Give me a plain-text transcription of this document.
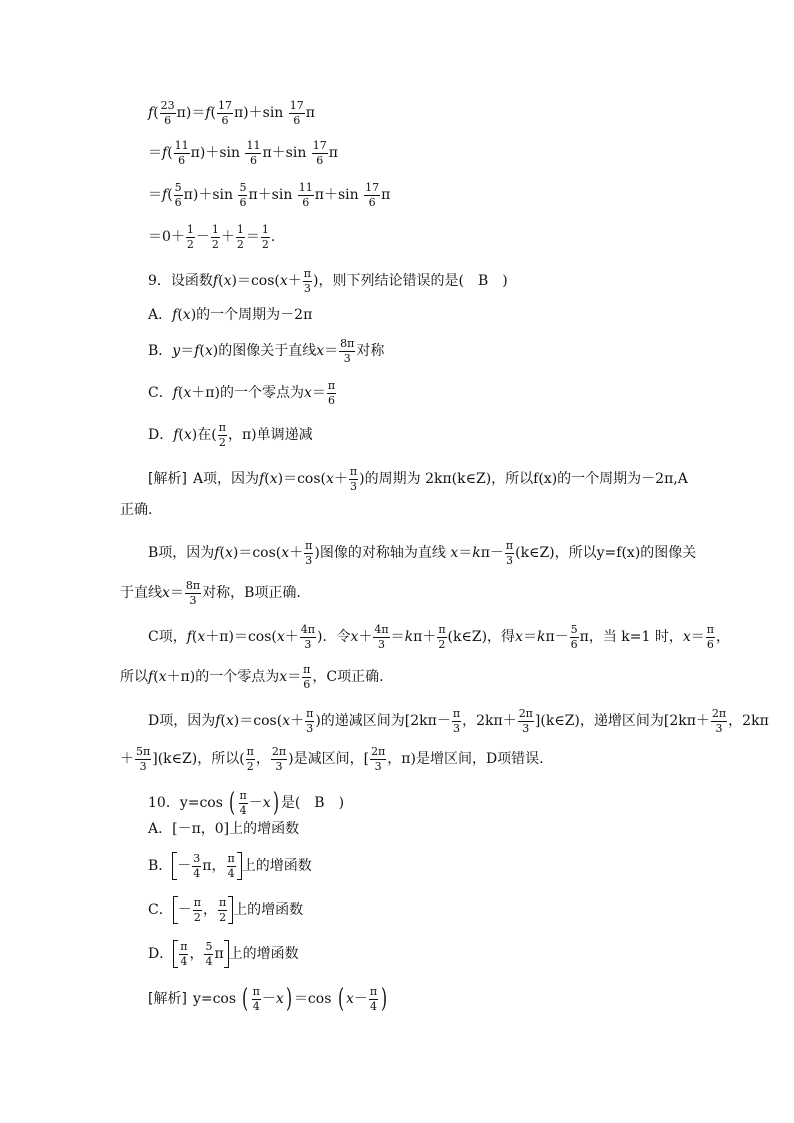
$f( \frac{23}{6} \pi)=f( \frac{17}{6} \pi)+\sin \frac{17}{6}$ π
$=f( \frac{11}{6} \pi)+\sin \frac{11}{6} \pi+\sin \frac{17}{6}$ π
$=f( \frac{5}{6} \pi)+\sin \frac{5}{6} \pi+\sin \frac{11}{6} \pi+\sin \frac{17}{6}$ π
$=0+ \frac{1}{2} - \frac{1}{2} + \frac{1}{2} = \frac{1}{2}$ .
9．设函数$f(x)=\cos(x+ \frac{\pi}{3}$ )，则下列结论错误的是(　B　)
A．f(x)的一个周期为－2π
B．y＝f(x)的图像关于直线$x= \frac{8\pi}{3}$ 对称
C．f(x＋π)的一个零点为$x= \frac{\pi}{6}$
D．f(x)在( $\frac{\pi}{2}$ ，π)单调递减
[解析] A项，因为$f(x)=\cos(x+ \frac{\pi}{3}$ )的周期为 2kπ(k∈Z)，所以f(x)的一个周期为－2π,A
正确.
B项，因为$f(x)=\cos(x+ \frac{\pi}{3}$ )图像的对称轴为直线 $x=k\pi- \frac{\pi}{3}$ (k∈Z)，所以y=f(x)的图像关
于直线$x= \frac{8\pi}{3}$ 对称，B项正确.
C项，$f(x+\pi)=\cos(x+ \frac{4\pi}{3}$ )．令$x+ \frac{4\pi}{3} =k\pi+ \frac{\pi}{2}$ (k∈Z)，得$x=k\pi- \frac{5}{6}$ π，当 k=1 时，$x= \frac{\pi}{6}$ ，
所以f(x＋π)的一个零点为$x= \frac{\pi}{6}$ ，C项正确.
D项，因为$f(x)=\cos(x+ \frac{\pi}{3}$ )的递减区间为[$2k\pi- \frac{\pi}{3}$ ，$2k\pi+ \frac{2\pi}{3}$ ](k∈Z)，递增区间为[$2k\pi+ \frac{2\pi}{3}$ ，2kπ
＋ $\frac{5\pi}{3}$ ](k∈Z)，所以( $\frac{\pi}{2}$ ， $\frac{2\pi}{3}$ )是减区间，[ $\frac{2\pi}{3}$ ，π)是增区间，D项错误.
10．y=cos ( $\frac{\pi}{4} -x$) 是(　B　)
A．[－π，0]上的增函数
B． － $\frac{3}{4}$ π， $\frac{\pi}{4}$ 上的增函数
C． － $\frac{\pi}{2}$ ， $\frac{\pi}{2}$ 上的增函数
D． $\frac{\pi}{4}$ ， $\frac{5}{4}$ π 上的增函数
[解析] y=cos ( $\frac{\pi}{4} -x) =\cos$ ( $x- \frac{\pi}{4}$ )
